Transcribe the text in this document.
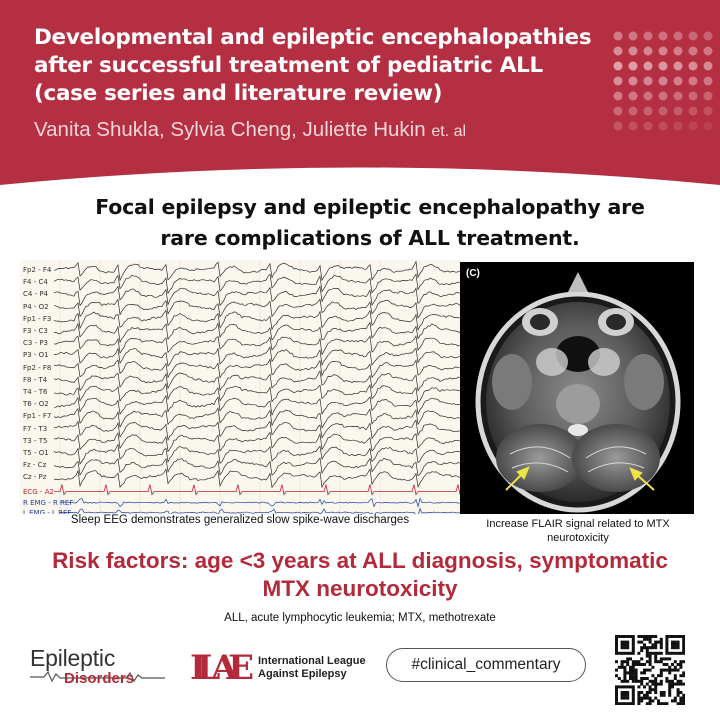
Developmental and epileptic encephalopathies
after successful treatment of pediatric ALL
(case series and literature review)
Vanita Shukla, Sylvia Cheng, Juliette Hukin et. al
Focal epilepsy and epileptic encephalopathy are
rare complications of ALL treatment.
Fp2 - F4
F4 - C4
C4 - P4
P4 - O2
Fp1 - F3
F3 - C3
C3 - P3
P3 - O1
Fp2 - F8
F8 - T4
T4 - T6
T6 - O2
Fp1 - F7
F7 - T3
T3 - T5
T5 - O1
Fz - Cz
Cz - Pz
ECG - A2
R EMG - R REF
L EMG - L REF
Sleep EEG demonstrates generalized slow spike-wave discharges
(C)
Increase FLAIR signal related to MTX neurotoxicity
Risk factors: age <3 years at ALL diagnosis, symptomatic
MTX neurotoxicity
ALL, acute lymphocytic leukemia; MTX, methotrexate
Epileptic
Disorders ILAE International League
Against Epilepsy
#clinical_commentary
